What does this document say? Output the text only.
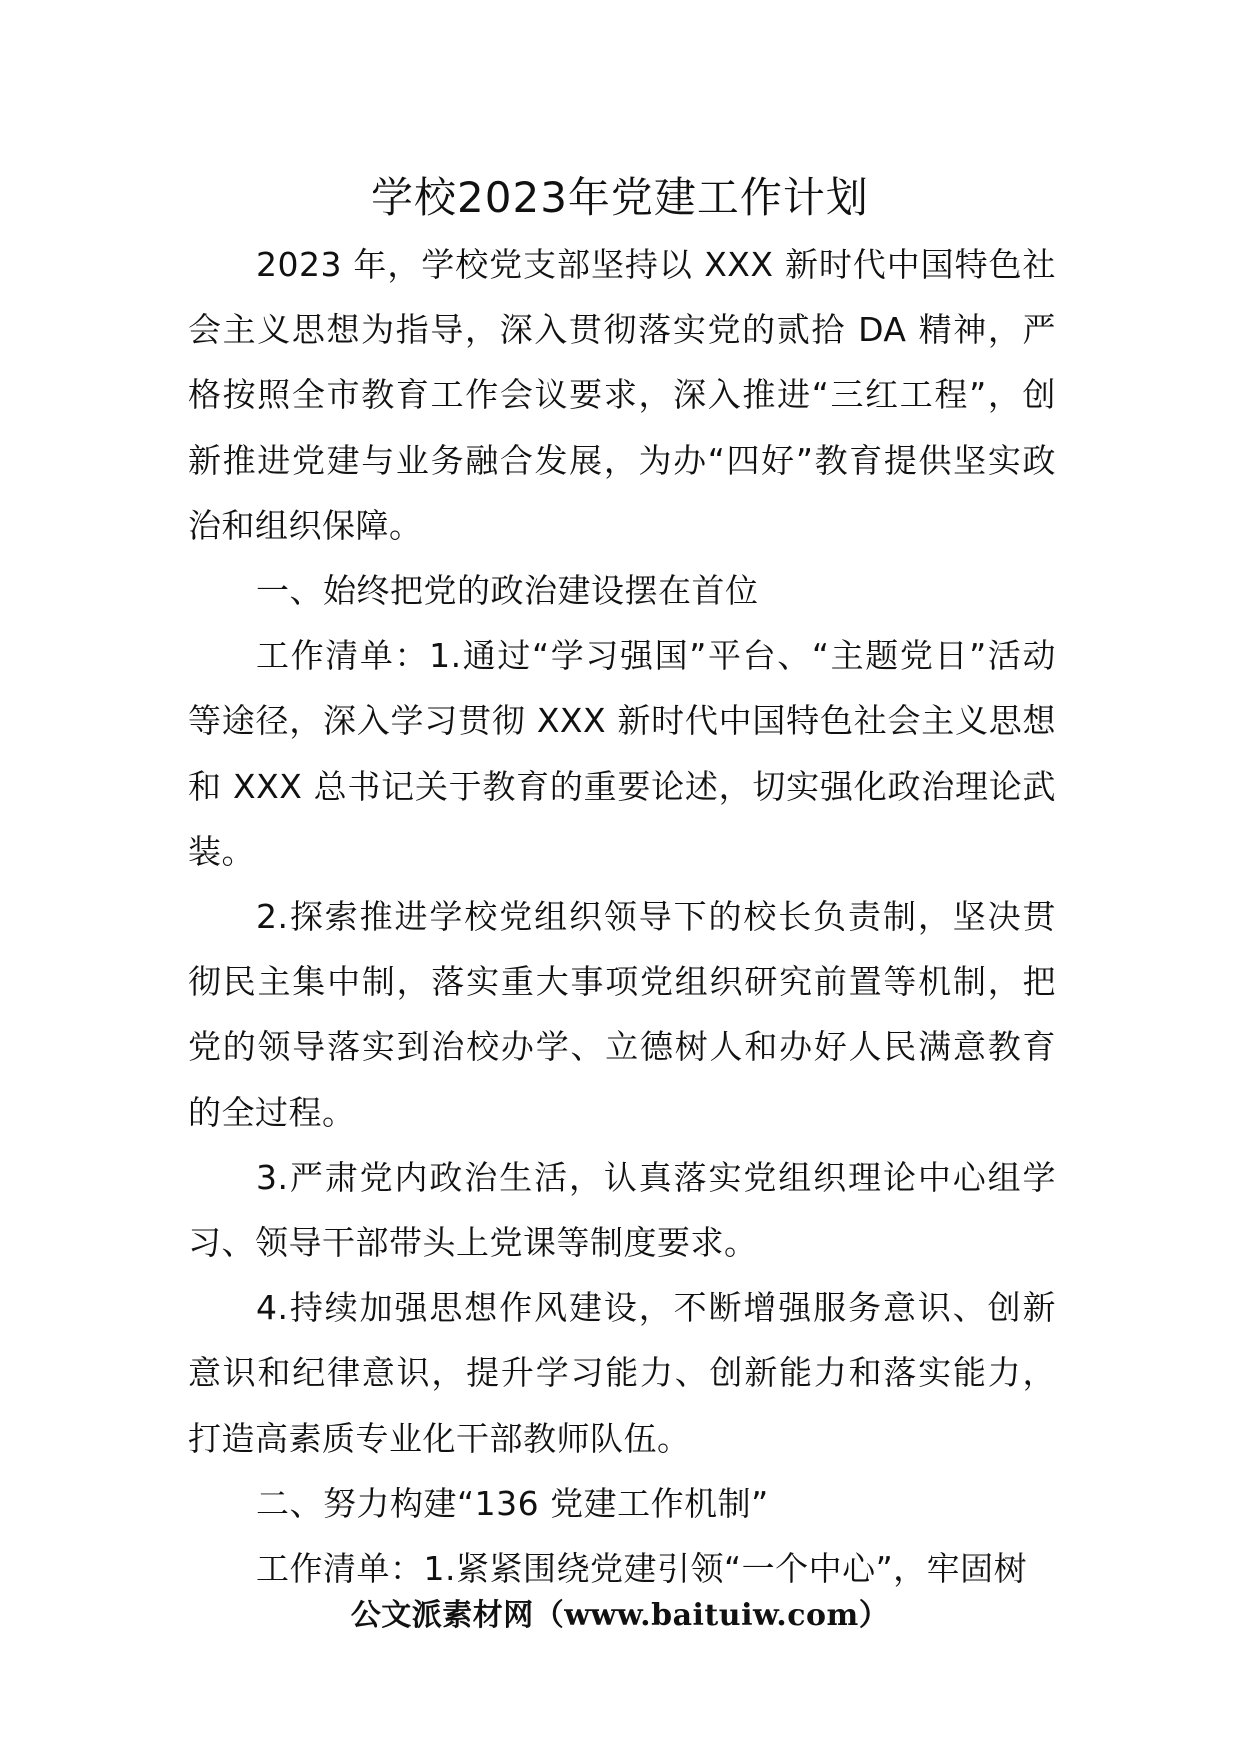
学校2023年党建工作计划

2023 年，学校党支部坚持以 XXX 新时代中国特色社会主义思想为指导，深入贯彻落实党的贰拾 DA 精神，严格按照全市教育工作会议要求，深入推进“三红工程”，创新推进党建与业务融合发展，为办“四好”教育提供坚实政治和组织保障。

一、始终把党的政治建设摆在首位

工作清单：1.通过“学习强国”平台、“主题党日”活动等途径，深入学习贯彻 XXX 新时代中国特色社会主义思想和 XXX 总书记关于教育的重要论述，切实强化政治理论武装。

2.探索推进学校党组织领导下的校长负责制，坚决贯彻民主集中制，落实重大事项党组织研究前置等机制，把党的领导落实到治校办学、立德树人和办好人民满意教育的全过程。

3.严肃党内政治生活，认真落实党组织理论中心组学习、领导干部带头上党课等制度要求。

4.持续加强思想作风建设，不断增强服务意识、创新意识和纪律意识，提升学习能力、创新能力和落实能力，打造高素质专业化干部教师队伍。

二、努力构建“136 党建工作机制”

工作清单：1.紧紧围绕党建引领“一个中心”，牢固树

公文派素材网（www.baituiw.com）
